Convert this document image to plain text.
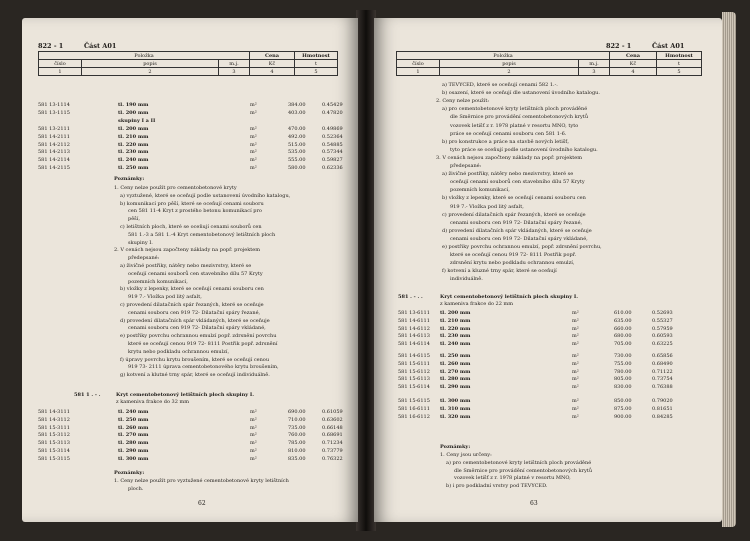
822 - 1	Část A01
Položka			Cena	Hmotnost
číslo	popis	m.j.	Kč	t
1	2	3	4	5
581 13-1114	tl. 190 mm	m²	384.00	0.45429
581 13-1115	tl. 200 mm	m²	403.00	0.47820
skupiny I a II
581 13-2111	tl. 200 mm	m²	470.00	0.49869
581 14-2111	tl. 210 mm	m²	492.00	0.52364
581 14-2112	tl. 220 mm	m²	515.00	0.54885
581 14-2113	tl. 230 mm	m²	535.00	0.57344
581 14-2114	tl. 240 mm	m²	555.00	0.59827
581 14-2115	tl. 250 mm	m²	580.00	0.62336
Poznámky:
1. Ceny nelze použít pro cementobetonové kryty
a) vyztužené, které se oceňují podle ustanovení úvodního katalogu,
b) komunikací pro pěší, které se oceňují cenami souboru
cen 581 11-4 Kryt z prostého betonu komunikací pro
pěší,
c) letištních ploch, které se oceňují cenami souborů cen
581 1.-3 a 581 1.-4 Kryt cementobetonový letištních ploch
skupiny I.
2. V cenách nejsou započteny náklady na popř. projektem
předepsané:
a) živičné postřiky, nátěry nebo mezivrstvy, které se
oceňují cenami souborů cen stavebního dílu 57 Kryty
pozemních komunikací,
b) vložky z lepenky, které se oceňují cenami souboru cen
919 7.- Vložka pod litý asfalt,
c) provedení dilatačních spár řezaných, které se oceňuje
cenami souboru cen 919 72- Dilatační spáry řezané,
d) provedení dilatačních spár vkládaných, které se oceňuje
cenami souboru cen 919 72- Dilatační spáry vkládané,
e) postřiky povrchu ochrannou emulzí popř. zdrsnění povrchu
které se oceňují cenou 919 72- 8111 Postřik popř. zdrsnění
krytu nebo podkladu ochrannou emulzí,
f) úpravy povrchu krytu broušením, které se oceňují cenou
919 73- 2111 úprava cementobetonového krytu broušením,
g) kotvení a klutné trny spár, které se oceňují individuálně.
581 1 . - .	Kryt cementobetonový letištních ploch skupiny I.
z kameniva frakce do 32 mm
581 14-3111	tl. 240 mm	m²	690.00	0.61059
581 14-3112	tl. 250 mm	m²	710.00	0.63602
581 15-3111	tl. 260 mm	m²	735.00	0.66148
581 15-3112	tl. 270 mm	m²	760.00	0.68691
581 15-3113	tl. 280 mm	m²	785.00	0.71234
581 15-3114	tl. 290 mm	m²	810.00	0.73779
581 15-3115	tl. 300 mm	m²	835.00	0.76322
Poznámky:
1. Ceny nelze použít pro vyztužené cementobetonové kryty letištních
ploch.
62
822 - 1	Část A01
Položka			Cena	Hmotnost
číslo	popis	m.j.	Kč	t
1	2	3	4	5
a) TEVYCED, které se oceňují cenami 582 1.-.
b) osazení, které se oceňují dle ustanovení úvodního katalogu.
2. Ceny nelze použít:
a) pro cementobetonové kryty letištních ploch prováděné
dle Směrnice pro provádění cementobetonových krytů
vozovek letišť z r. 1978 platné v resortu MNO, tyto
práce se oceňují cenami souboru cen 581 1-6.
b) pro konstrukce a práce na stavbě nových letišť,
tyto práce se oceňují podle ustanovení úvodního katalogu.
3. V cenách nejsou započteny náklady na popř. projektem
předepsané:
a) živičné postřiky, nátěry nebo mezivrstvy, které se
oceňují cenami souborů cen stavebního dílu 57 Kryty
pozemních komunikací,
b) vložky z lepenky, které se oceňují cenami souboru cen
919 7.- Vložka pod litý asfalt,
c) provedení dilatačních spár řezaných, které se oceňuje
cenami souboru cen 919 72- Dilatační spáry řezané,
d) provedení dilatačních spár vkládaných, které se oceňuje
cenami souboru cen 919 72- Dilatační spáry vkládané,
e) postřiky povrchu ochrannou emulzí, popř. zdrsnění povrchu,
které se oceňují cenou 919 72- 8111 Postřik popř.
zdrsnění krytu nebo podkladu ochrannou emulzí,
f) kotvení a kluzné trny spár, které se oceňují
individuálně.
581 . - . .	Kryt cementobetonový letištních ploch skupiny I.
z kameniva frakce do 22 mm
581 13-6111 tl. 200 mm	m²	610.00	0.52693
581 14-6111 tl. 210 mm	m²	635.00	0.55327
581 14-6112 tl. 220 mm	m²	660.00	0.57959
581 14-6113 tl. 230 mm	m²	680.00	0.60593
581 14-6114 tl. 240 mm	m²	705.00	0.63225
581 14-6115 tl. 250 mm	m²	730.00	0.65856
581 15-6111 tl. 260 mm	m²	755.00	0.68490
581 15-6112 tl. 270 mm	m²	780.00	0.71122
581 15-6113 tl. 280 mm	m²	805.00	0.73754
581 15-6114 tl. 290 mm	m²	830.00	0.76388
581 15-6115 tl. 300 mm	m²	850.00	0.79020
581 16-6111 tl. 310 mm	m²	875.00	0.81651
581 16-6112 tl. 320 mm	m²	900.00	0.84285
Poznámky:
1. Ceny jsou určeny:
a) pro cementobetonové kryty letištních ploch prováděné
dle Směrnice pro provádění cementobetonových krytů
vozovek letišť z r. 1978 platné v resortu MNO,
b) i pro podkladní vrstvy pod TEVYCED.
63
